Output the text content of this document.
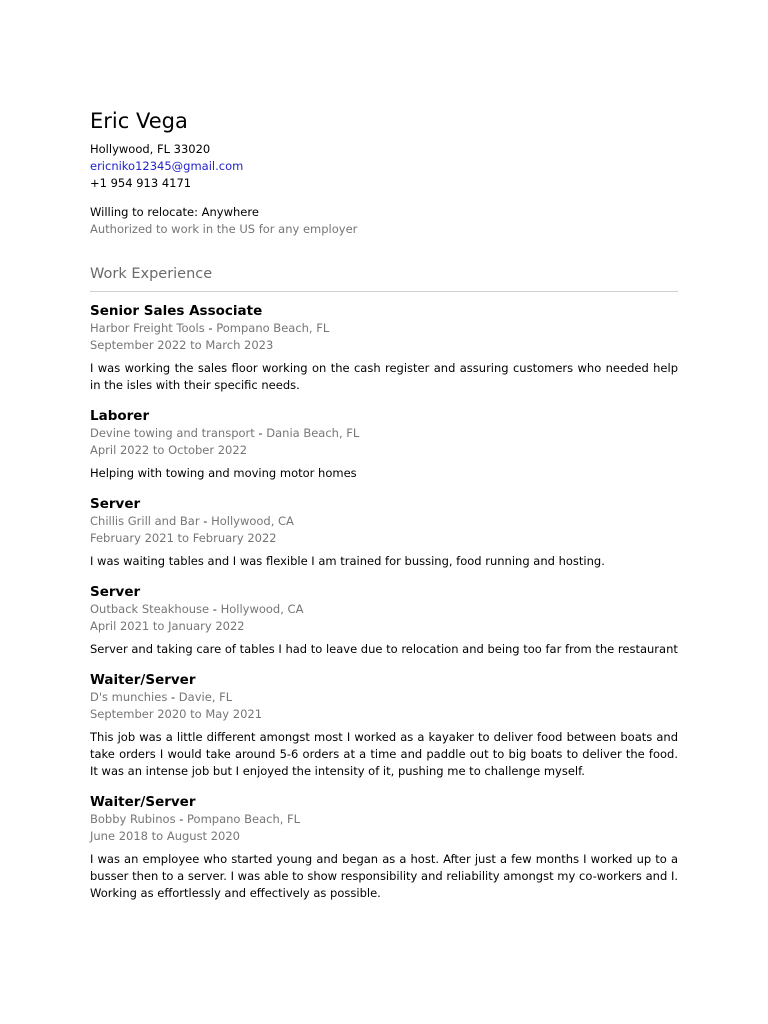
Eric Vega
Hollywood, FL 33020
ericniko12345@gmail.com
+1 954 913 4171
Willing to relocate: Anywhere
Authorized to work in the US for any employer
Work Experience
Senior Sales Associate
Harbor Freight Tools - Pompano Beach, FL
September 2022 to March 2023
I was working the sales floor working on the cash register and assuring customers who needed help in the isles with their specific needs.
Laborer
Devine towing and transport - Dania Beach, FL
April 2022 to October 2022
Helping with towing and moving motor homes
Server
Chillis Grill and Bar - Hollywood, CA
February 2021 to February 2022
I was waiting tables and I was flexible I am trained for bussing, food running and hosting.
Server
Outback Steakhouse - Hollywood, CA
April 2021 to January 2022
Server and taking care of tables I had to leave due to relocation and being too far from the restaurant
Waiter/Server
D's munchies - Davie, FL
September 2020 to May 2021
This job was a little different amongst most I worked as a kayaker to deliver food between boats and take orders I would take around 5-6 orders at a time and paddle out to big boats to deliver the food. It was an intense job but I enjoyed the intensity of it, pushing me to challenge myself.
Waiter/Server
Bobby Rubinos - Pompano Beach, FL
June 2018 to August 2020
I was an employee who started young and began as a host. After just a few months I worked up to a busser then to a server. I was able to show responsibility and reliability amongst my co-workers and I. Working as effortlessly and effectively as possible.
